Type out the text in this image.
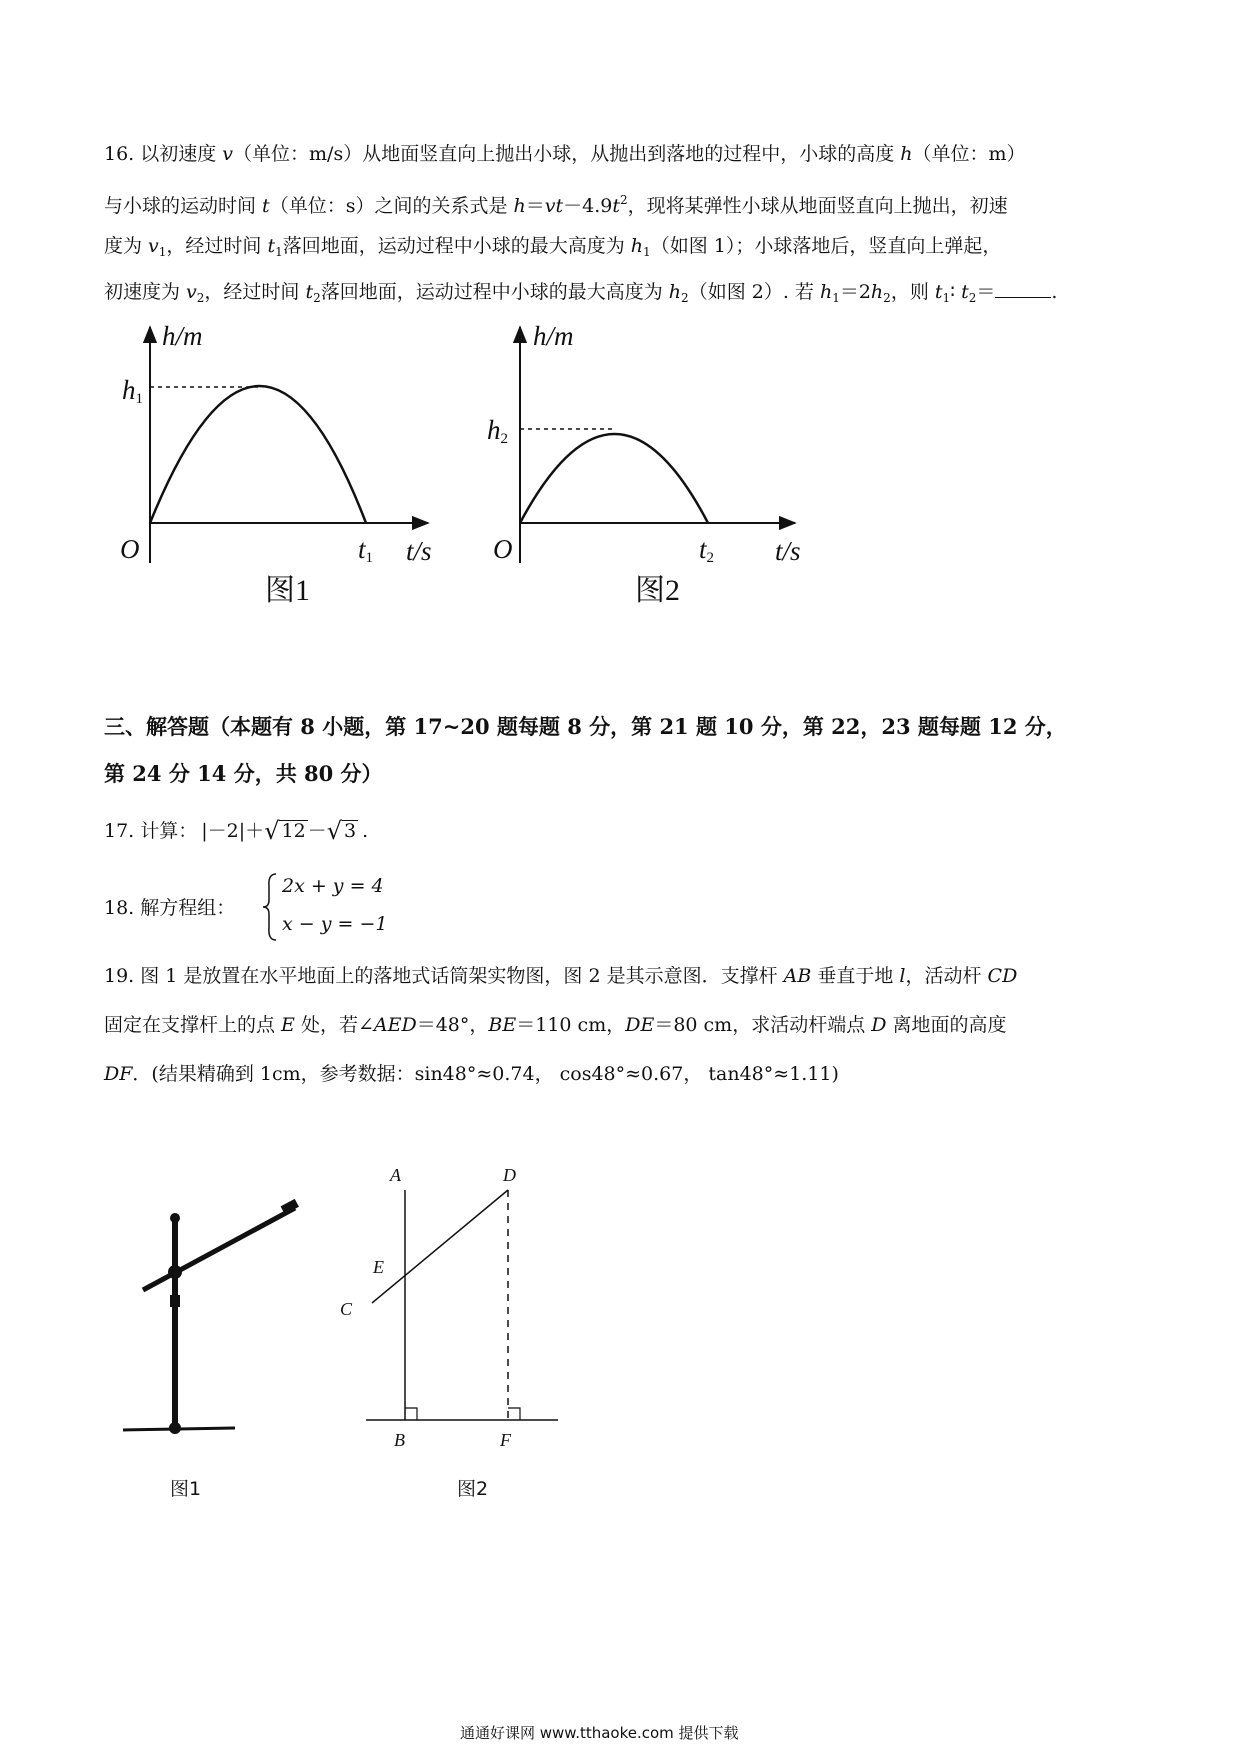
16. 以初速度 v（单位：m/s）从地面竖直向上抛出小球，从抛出到落地的过程中，小球的高度 h（单位：m）
与小球的运动时间 t（单位：s）之间的关系式是 $h=vt-4.9t^2$，现将某弹性小球从地面竖直向上抛出，初速
度为 $v_1$，经过时间 $t_1$落回地面，运动过程中小球的最大高度为 $h_1$（如图 1）；小球落地后，竖直向上弹起，
初速度为 $v_2$，经过时间 $t_2$落回地面，运动过程中小球的最大高度为 $h_2$（如图 2）. 若 $h_1=2h_2$，则 $t_1∶$ $t_2=$	.
h/m
h1
O	t1 t/s
图1
h/m
h2
O	t2 t/s
图2
三、解答题（本题有 8 小题，第 17~20 题每题 8 分，第 21 题 10 分，第 22，23 题每题 12 分，
第 24 分 14 分，共 80 分）
17. 计算： |－2| ＋ √ 12 － √ 3 .
18. 解方程组：
2x + y = 4
x − y = −1
19. 图 1 是放置在水平地面上的落地式话筒架实物图，图 2 是其示意图．支撑杆 AB 垂直于地 l，活动杆 CD
固定在支撑杆上的点 E 处，若∠AED＝48°，BE＝110 cm，DE＝80 cm，求活动杆端点 D 离地面的高度
DF．(结果精确到 1cm，参考数据：sin48°≈0.74， cos48°≈0.67， tan48°≈1.11)
图1
A	D
E
C
B	F
图2
通通好课网 www.tthaoke.com 提供下载
